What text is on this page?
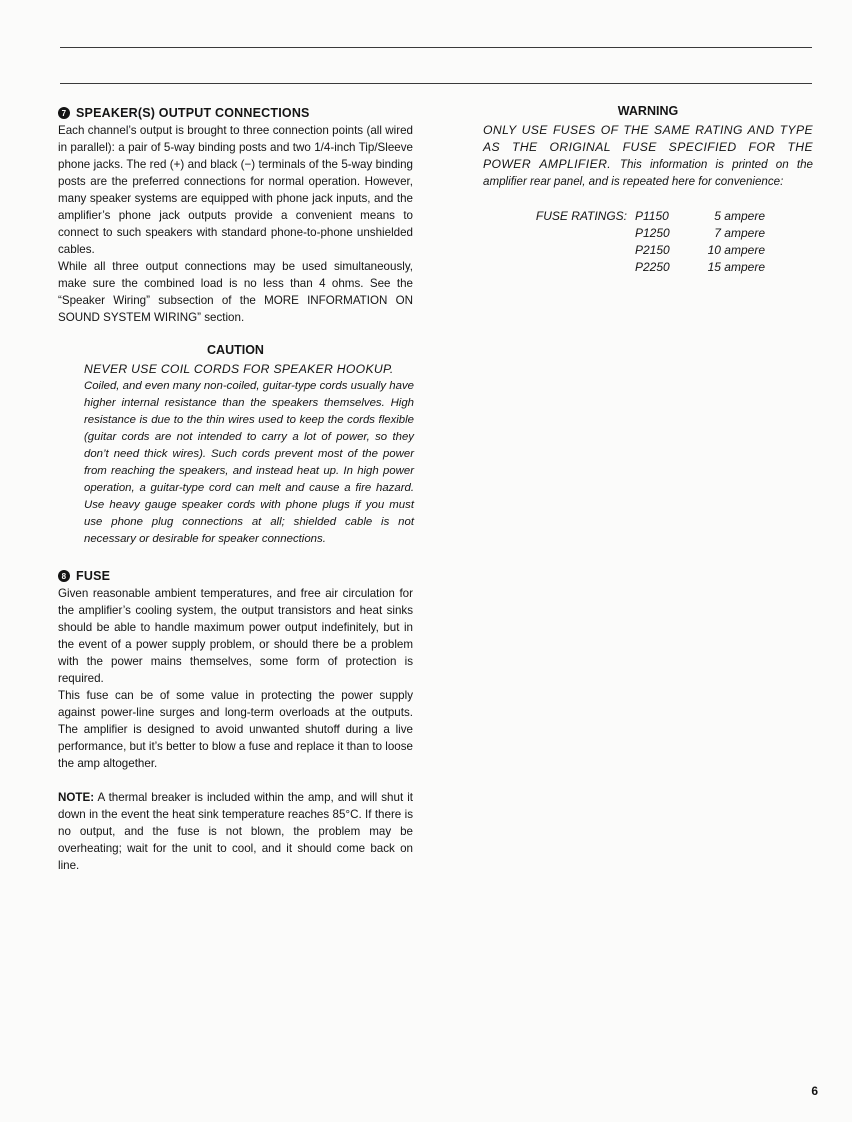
7 SPEAKER(S) OUTPUT CONNECTIONS

Each channel’s output is brought to three connection points (all wired in parallel): a pair of 5-way binding posts and two 1/4-inch Tip/Sleeve phone jacks. The red (+) and black (−) terminals of the 5-way binding posts are the preferred connections for normal operation. However, many speaker systems are equipped with phone jack inputs, and the amplifier’s phone jack outputs provide a convenient means to connect to such speakers with standard phone-to-phone unshielded cables.

While all three output connections may be used simultaneously, make sure the combined load is no less than 4 ohms. See the “Speaker Wiring” subsection of the MORE INFORMATION ON SOUND SYSTEM WIRING” section.

CAUTION

NEVER USE COIL CORDS FOR SPEAKER HOOKUP.

Coiled, and even many non-coiled, guitar-type cords usually have higher internal resistance than the speakers themselves. High resistance is due to the thin wires used to keep the cords flexible (guitar cords are not intended to carry a lot of power, so they don’t need thick wires). Such cords prevent most of the power from reaching the speakers, and instead heat up. In high power operation, a guitar-type cord can melt and cause a fire hazard. Use heavy gauge speaker cords with phone plugs if you must use phone plug connections at all; shielded cable is not necessary or desirable for speaker connections.

8 FUSE

Given reasonable ambient temperatures, and free air circulation for the amplifier’s cooling system, the output transistors and heat sinks should be able to handle maximum power output indefinitely, but in the event of a power supply problem, or should there be a problem with the power mains themselves, some form of protection is required.

This fuse can be of some value in protecting the power supply against power-line surges and long-term overloads at the outputs. The amplifier is designed to avoid unwanted shutoff during a live performance, but it’s better to blow a fuse and replace it than to loose the amp altogether.

NOTE: A thermal breaker is included within the amp, and will shut it down in the event the heat sink temperature reaches 85°C. If there is no output, and the fuse is not blown, the problem may be overheating; wait for the unit to cool, and it should come back on line.

WARNING

ONLY USE FUSES OF THE SAME RATING AND TYPE AS THE ORIGINAL FUSE SPECIFIED FOR THE POWER AMPLIFIER. This information is printed on the amplifier rear panel, and is repeated here for convenience:

FUSE RATINGS: P1150	5 ampere
P1250	7 ampere
P2150	10 ampere
P2250	15 ampere
6
